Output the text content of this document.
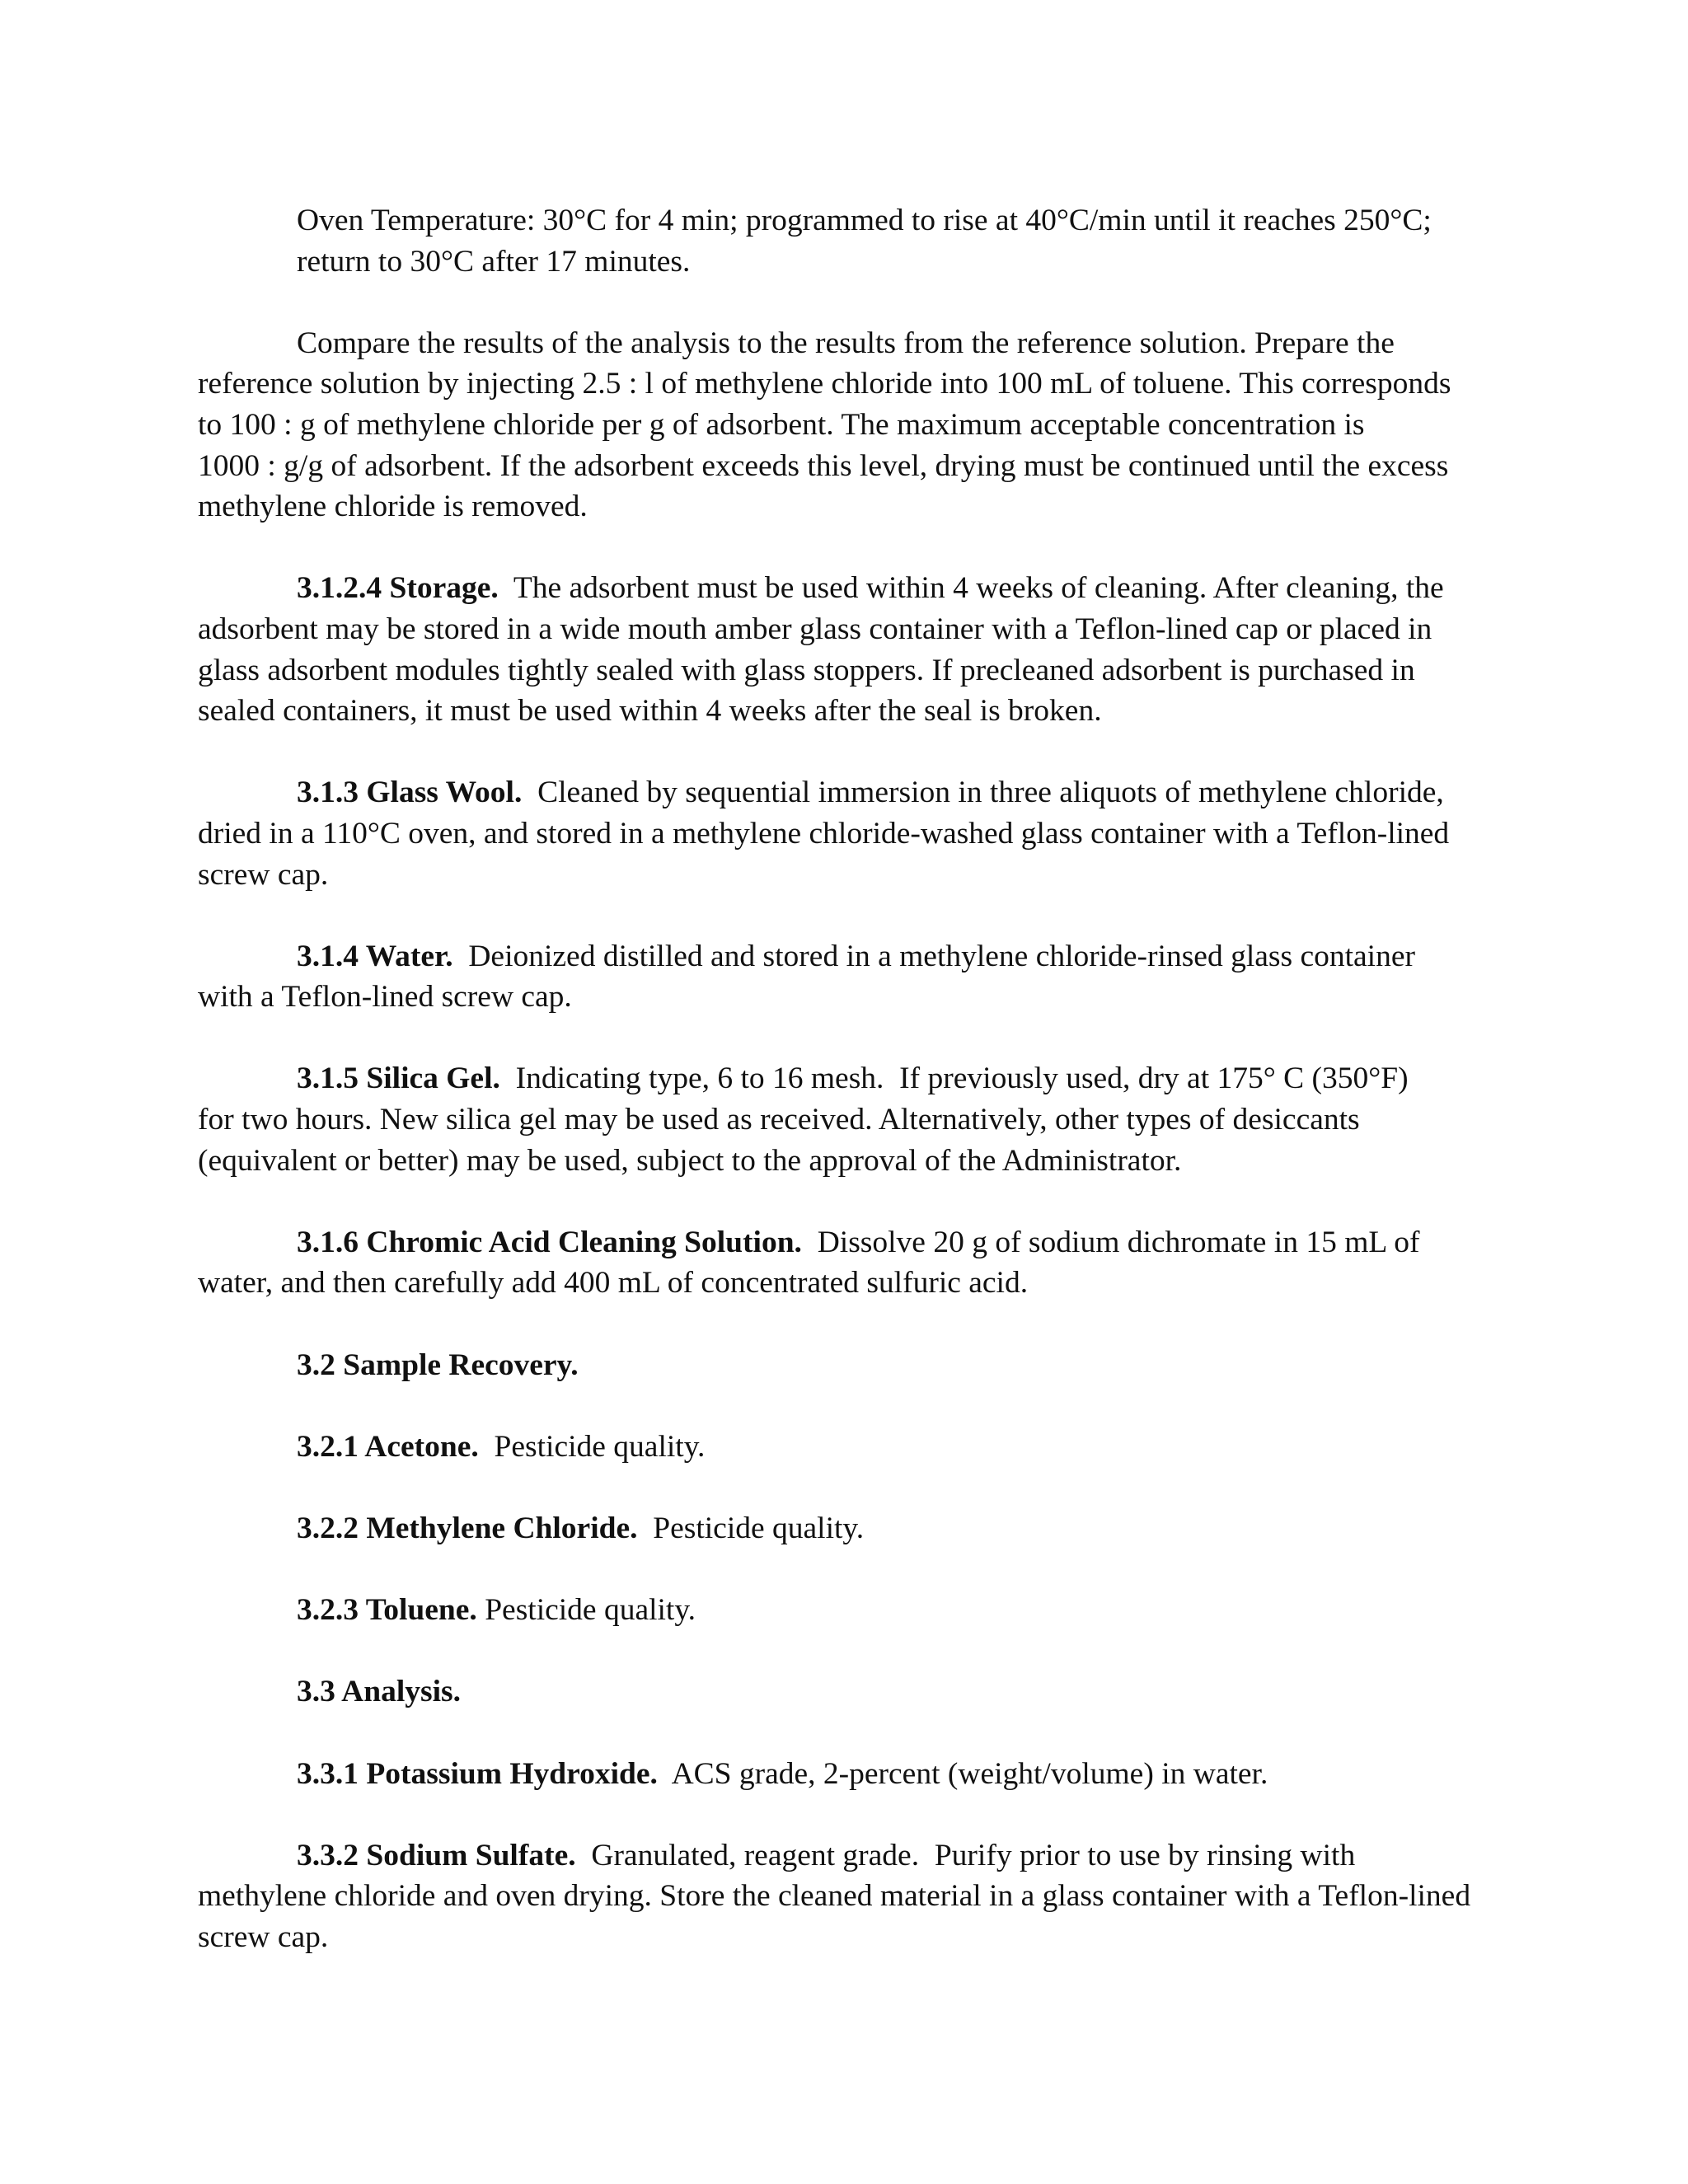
Oven Temperature: 30°C for 4 min; programmed to rise at 40°C/min until it reaches 250°C;
return to 30°C after 17 minutes.
Compare the results of the analysis to the results from the reference solution. Prepare the
reference solution by injecting 2.5 : l of methylene chloride into 100 mL of toluene. This corresponds
to 100 : g of methylene chloride per g of adsorbent. The maximum acceptable concentration is
1000 : g/g of adsorbent. If the adsorbent exceeds this level, drying must be continued until the excess
methylene chloride is removed.
3.1.2.4 Storage.  The adsorbent must be used within 4 weeks of cleaning. After cleaning, the
adsorbent may be stored in a wide mouth amber glass container with a Teflon-lined cap or placed in
glass adsorbent modules tightly sealed with glass stoppers. If precleaned adsorbent is purchased in
sealed containers, it must be used within 4 weeks after the seal is broken.
3.1.3 Glass Wool.  Cleaned by sequential immersion in three aliquots of methylene chloride,
dried in a 110°C oven, and stored in a methylene chloride-washed glass container with a Teflon-lined
screw cap.
3.1.4 Water.  Deionized distilled and stored in a methylene chloride-rinsed glass container
with a Teflon-lined screw cap.
3.1.5 Silica Gel.  Indicating type, 6 to 16 mesh.  If previously used, dry at 175° C (350°F)
for two hours. New silica gel may be used as received. Alternatively, other types of desiccants
(equivalent or better) may be used, subject to the approval of the Administrator.
3.1.6 Chromic Acid Cleaning Solution.  Dissolve 20 g of sodium dichromate in 15 mL of
water, and then carefully add 400 mL of concentrated sulfuric acid.
3.2 Sample Recovery.
3.2.1 Acetone.  Pesticide quality.
3.2.2 Methylene Chloride.  Pesticide quality.
3.2.3 Toluene. Pesticide quality.
3.3 Analysis.
3.3.1 Potassium Hydroxide.  ACS grade, 2-percent (weight/volume) in water.
3.3.2 Sodium Sulfate.  Granulated, reagent grade.  Purify prior to use by rinsing with
methylene chloride and oven drying. Store the cleaned material in a glass container with a Teflon-lined
screw cap.
